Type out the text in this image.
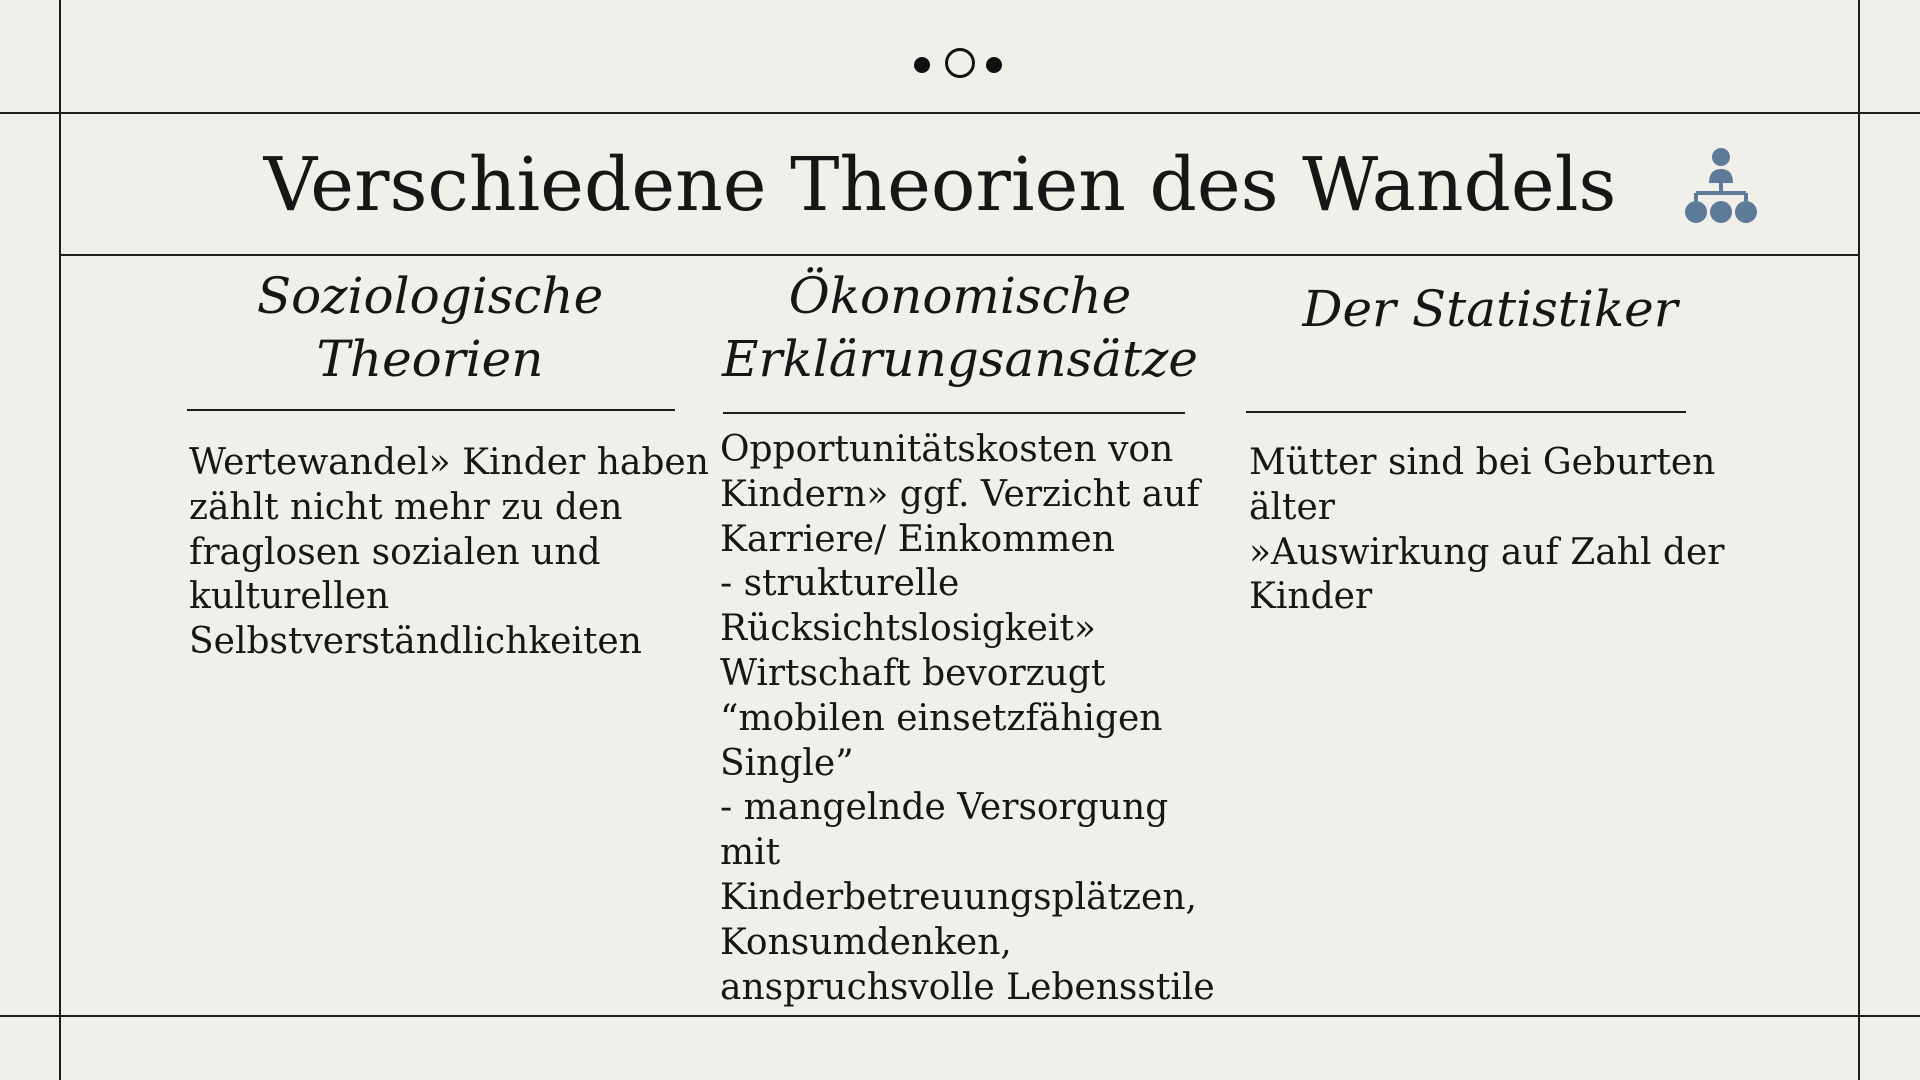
Verschiedene Theorien des Wandels
Soziologische
Theorien
Wertewandel» Kinder haben
zählt nicht mehr zu den
fraglosen sozialen und
kulturellen
Selbstverständlichkeiten
Ökonomische
Erklärungsansätze
Opportunitätskosten von
Kindern» ggf. Verzicht auf
Karriere/ Einkommen
- strukturelle
Rücksichtslosigkeit»
Wirtschaft bevorzugt
“mobilen einsetzfähigen
Single”
- mangelnde Versorgung
mit
Kinderbetreuungsplätzen,
Konsumdenken,
anspruchsvolle Lebensstile
Der Statistiker
Mütter sind bei Geburten
älter
»Auswirkung auf Zahl der
Kinder
